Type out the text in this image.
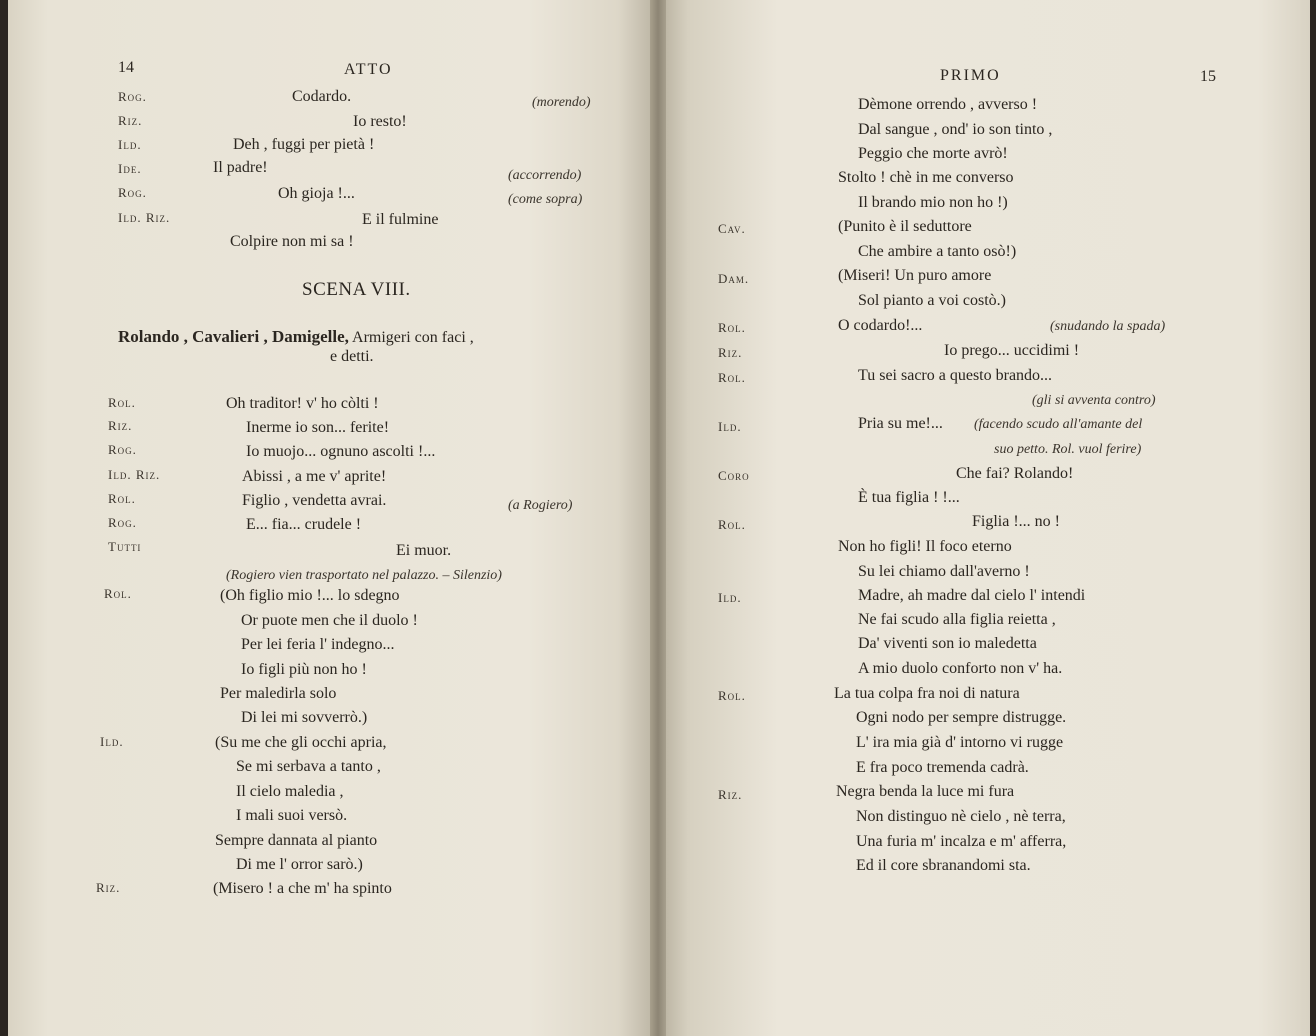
14	ATTO
Rog.	Codardo.	(morendo)
Riz.	Io resto!
Ild.	Deh , fuggi per pietà !
Ide.	Il padre!	(accorrendo)
Rog.	Oh gioja !...	(come sopra)
Ild. Riz.	E il fulmine
Colpire non mi sa !
SCENA VIII.
Rolando , Cavalieri , Damigelle, Armigeri con faci ,
e detti.
Rol.	Oh traditor! v' ho còlti !
Riz.	Inerme io son... ferite!
Rog.	Io muojo... ognuno ascolti !...
Ild. Riz.	Abissi , a me v' aprite!
Rol.	Figlio , vendetta avrai.	(a Rogiero)
Rog.	E... fia... crudele !
Tutti	Ei muor.
(Rogiero vien trasportato nel palazzo. – Silenzio)
Rol.	(Oh figlio mio !... lo sdegno
Or puote men che il duolo !
Per lei feria l' indegno...
Io figli più non ho !
Per maledirla solo
Di lei mi sovverrò.)
Ild.	(Su me che gli occhi apria,
Se mi serbava a tanto ,
Il cielo maledia ,
I mali suoi versò.
Sempre dannata al pianto
Di me l' orror sarò.)
Riz.	(Misero ! a che m' ha spinto
PRIMO	15
Dèmone orrendo , avverso !
Dal sangue , ond' io son tinto ,
Peggio che morte avrò!
Stolto ! chè in me converso
Il brando mio non ho !)
Cav.	(Punito è il seduttore
Che ambire a tanto osò!)
Dam.	(Miseri! Un puro amore
Sol pianto a voi costò.)
Rol.	O codardo!...	(snudando la spada)
Riz.	Io prego... uccidimi !
Rol.	Tu sei sacro a questo brando...
(gli si avventa contro)
Ild.	Pria su me!... (facendo scudo all'amante del
suo petto. Rol. vuol ferire)
Coro	Che fai? Rolando!
È tua figlia ! !...
Rol.	Figlia !... no !
Non ho figli! Il foco eterno
Su lei chiamo dall'averno !
Ild.	Madre, ah madre dal cielo l' intendi
Ne fai scudo alla figlia reietta ,
Da' viventi son io maledetta
A mio duolo conforto non v' ha.
Rol.	La tua colpa fra noi di natura
Ogni nodo per sempre distrugge.
L' ira mia già d' intorno vi rugge
E fra poco tremenda cadrà.
Riz.	Negra benda la luce mi fura
Non distinguo nè cielo , nè terra,
Una furia m' incalza e m' afferra,
Ed il core sbranandomi sta.
